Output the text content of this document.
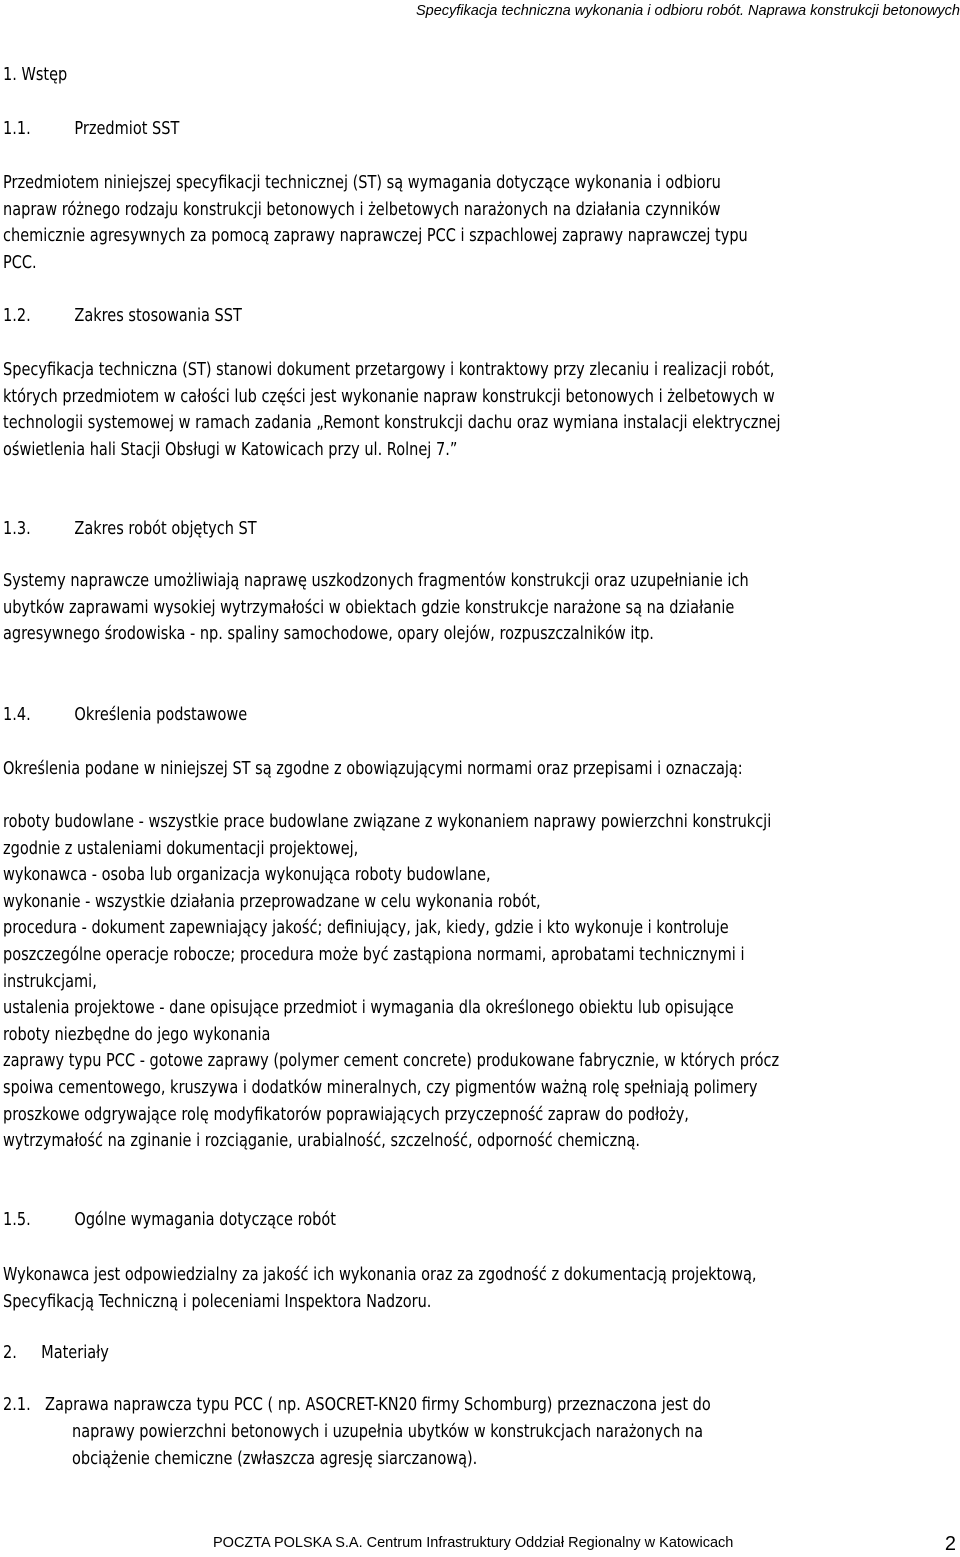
Specyfikacja techniczna wykonania i odbioru robót. Naprawa konstrukcji betonowych
1. Wstęp
1.1. Przedmiot SST
Przedmiotem niniejszej specyfikacji technicznej (ST) są wymagania dotyczące wykonania i odbioru
napraw różnego rodzaju konstrukcji betonowych i żelbetowych narażonych na działania czynników
chemicznie agresywnych za pomocą zaprawy naprawczej PCC i szpachlowej zaprawy naprawczej typu
PCC.
1.2. Zakres stosowania SST
Specyfikacja techniczna (ST) stanowi dokument przetargowy i kontraktowy przy zlecaniu i realizacji robót,
których przedmiotem w całości lub części jest wykonanie napraw konstrukcji betonowych i żelbetowych w
technologii systemowej w ramach zadania „Remont konstrukcji dachu oraz wymiana instalacji elektrycznej
oświetlenia hali Stacji Obsługi w Katowicach przy ul. Rolnej 7.”
1.3. Zakres robót objętych ST
Systemy naprawcze umożliwiają naprawę uszkodzonych fragmentów konstrukcji oraz uzupełnianie ich
ubytków zaprawami wysokiej wytrzymałości w obiektach gdzie konstrukcje narażone są na działanie
agresywnego środowiska - np. spaliny samochodowe, opary olejów, rozpuszczalników itp.
1.4. Określenia podstawowe
Określenia podane w niniejszej ST są zgodne z obowiązującymi normami oraz przepisami i oznaczają:
roboty budowlane - wszystkie prace budowlane związane z wykonaniem naprawy powierzchni konstrukcji
zgodnie z ustaleniami dokumentacji projektowej,
wykonawca - osoba lub organizacja wykonująca roboty budowlane,
wykonanie - wszystkie działania przeprowadzane w celu wykonania robót,
procedura - dokument zapewniający jakość; definiujący, jak, kiedy, gdzie i kto wykonuje i kontroluje
poszczególne operacje robocze; procedura może być zastąpiona normami, aprobatami technicznymi i
instrukcjami,
ustalenia projektowe - dane opisujące przedmiot i wymagania dla określonego obiektu lub opisujące
roboty niezbędne do jego wykonania
zaprawy typu PCC - gotowe zaprawy (polymer cement concrete) produkowane fabrycznie, w których prócz
spoiwa cementowego, kruszywa i dodatków mineralnych, czy pigmentów ważną rolę spełniają polimery
proszkowe odgrywające rolę modyfikatorów poprawiających przyczepność zapraw do podłoży,
wytrzymałość na zginanie i rozciąganie, urabialność, szczelność, odporność chemiczną.
1.5. Ogólne wymagania dotyczące robót
Wykonawca jest odpowiedzialny za jakość ich wykonania oraz za zgodność z dokumentacją projektową,
Specyfikacją Techniczną i poleceniami Inspektora Nadzoru.
2. Materiały
2.1. Zaprawa naprawcza typu PCC ( np. ASOCRET-KN20 firmy Schomburg) przeznaczona jest do
naprawy powierzchni betonowych i uzupełnia ubytków w konstrukcjach narażonych na
obciążenie chemiczne (zwłaszcza agresję siarczanową).
POCZTA POLSKA S.A. Centrum Infrastruktury Oddział Regionalny w Katowicach	2
